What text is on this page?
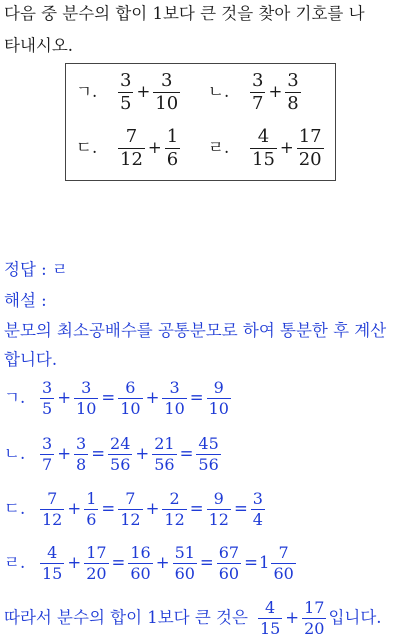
다음 중 분수의 합이 1보다 큰 것을 찾아 기호를 나
타내시오.
ㄱ.	$\frac{3}{5} + \frac{3}{10}$ ㄴ.	$\frac{3}{7} + \frac{3}{8}$
ㄷ.	$\frac{7}{12} + \frac{1}{6}$ ㄹ.	$\frac{4}{15} + \frac{17}{20}$
정답 : ㄹ
해설 :
분모의 최소공배수를 공통분모로 하여 통분한 후 계산
합니다.
ㄱ. $\frac{3}{5} + \frac{3}{10} = \frac{6}{10} + \frac{3}{10} = \frac{9}{10}$
ㄴ. $\frac{3}{7} + \frac{3}{8} = \frac{24}{56} + \frac{21}{56} = \frac{45}{56}$
ㄷ. $\frac{7}{12} + \frac{1}{6} = \frac{7}{12} + \frac{2}{12} = \frac{9}{12} = \frac{3}{4}$
ㄹ. $\frac{4}{15} + \frac{17}{20} = \frac{16}{60} + \frac{51}{60} = \frac{67}{60} = 1 \frac{7}{60}$
따라서 분수의 합이 1보다 큰 것은 $\frac{4}{15} + \frac{17}{20}$ 입니다.
